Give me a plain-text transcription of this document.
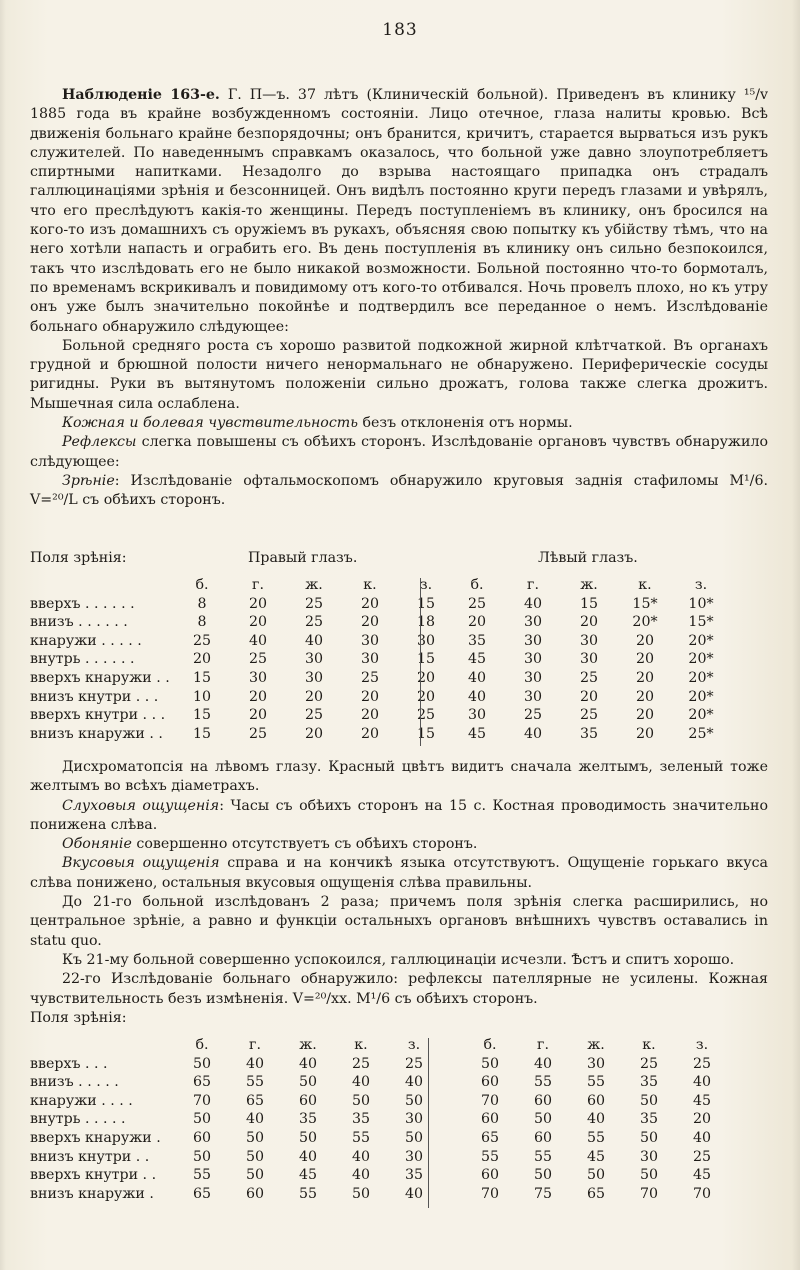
183

Наблюденіе 163-е. Г. П—ъ. 37 лѣтъ (Клиническій больной). Приведенъ въ клинику ¹⁵/v 1885 года въ крайне возбужденномъ состояніи. Лицо отечное, глаза налиты кровью. Всѣ движенія больнаго крайне безпорядочны; онъ бранится, кричитъ, старается вырваться изъ рукъ служителей. По наведеннымъ справкамъ оказалось, что больной уже давно злоупотребляетъ спиртными напитками. Незадолго до взрыва настоящаго припадка онъ страдалъ галлюцинаціями зрѣнія и безсонницей. Онъ видѣлъ постоянно круги передъ глазами и увѣрялъ, что его преслѣдуютъ какія-то женщины. Передъ поступленіемъ въ клинику, онъ бросился на кого-то изъ домашнихъ съ оружіемъ въ рукахъ, объясняя свою попытку къ убійству тѣмъ, что на него хотѣли напасть и ограбить его. Въ день поступленія въ клинику онъ сильно безпокоился, такъ что изслѣдовать его не было никакой возможности. Больной постоянно что-то бормоталъ, по временамъ вскрикивалъ и повидимому отъ кого-то отбивался. Ночь провелъ плохо, но къ утру онъ уже былъ значительно покойнѣе и подтвердилъ все переданное о немъ. Изслѣдованіе больнаго обнаружило слѣдующее:

Больной средняго роста съ хорошо развитой подкожной жирной клѣтчаткой. Въ органахъ грудной и брюшной полости ничего ненормальнаго не обнаружено. Периферическіе сосуды ригидны. Руки въ вытянутомъ положеніи сильно дрожатъ, голова также слегка дрожитъ. Мышечная сила ослаблена.

Кожная и болевая чувствительность безъ отклоненія отъ нормы.

Рефлексы слегка повышены съ обѣихъ сторонъ. Изслѣдованіе органовъ чувствъ обнаружило слѣдующее:

Зрѣніе: Изслѣдованіе офтальмоскопомъ обнаружило круговыя заднія стафиломы M¹/6. V=²⁰/L съ обѣихъ сторонъ.

Поля зрѣнія:	Правый глазъ.	Лѣвый глазъ.
б.	г.	ж.	к.	з.	б.	г.	ж.	к.	з.
вверхъ . . . . . .	8	20	25	20	15	25	40	15	15*	10*
внизъ . . . . . .	8	20	25	20	18	20	30	20	20*	15*
кнаружи . . . . .	25	40	40	30	30	35	30	30	20	20*
внутрь . . . . . .	20	25	30	30	15	45	30	30	20	20*
вверхъ кнаружи . .	15	30	30	25	20	40	30	25	20	20*
внизъ кнутри . . .	10	20	20	20	20	40	30	20	20	20*
вверхъ кнутри . . .	15	20	25	20	25	30	25	25	20	20*
внизъ кнаружи . .	15	25	20	20	15	45	40	35	20	25*

Дисхроматопсія на лѣвомъ глазу. Красный цвѣтъ видитъ сначала желтымъ, зеленый тоже желтымъ во всѣхъ діаметрахъ.

Слуховыя ощущенія: Часы съ обѣихъ сторонъ на 15 с. Костная проводимость значительно понижена слѣва.

Обоняніе совершенно отсутствуетъ съ обѣихъ сторонъ.

Вкусовыя ощущенія справа и на кончикѣ языка отсутствуютъ. Ощущеніе горькаго вкуса слѣва понижено, остальныя вкусовыя ощущенія слѣва правильны.

До 21-го больной изслѣдованъ 2 раза; причемъ поля зрѣнія слегка расширились, но центральное зрѣніе, а равно и функціи остальныхъ органовъ внѣшнихъ чувствъ оставались in statu quo.

Къ 21-му больной совершенно успокоился, галлюцинаціи исчезли. Ѣстъ и спитъ хорошо.

22-го Изслѣдованіе больнаго обнаружило: рефлексы пателлярные не усилены. Кожная чувствительность безъ измѣненія. V=²⁰/xx. M¹/6 съ обѣихъ сторонъ.

Поля зрѣнія:
б.	г.	ж.	к.	з.	б.	г.	ж.	к.	з.
вверхъ . . .	50	40	40	25	25	50	40	30	25	25
внизъ . . . . .	65	55	50	40	40	60	55	55	35	40
кнаружи . . . .	70	65	60	50	50	70	60	60	50	45
внутрь . . . . .	50	40	35	35	30	60	50	40	35	20
вверхъ кнаружи .	60	50	50	55	50	65	60	55	50	40
внизъ кнутри . .	50	50	40	40	30	55	55	45	30	25
вверхъ кнутри . .	55	50	45	40	35	60	50	50	50	45
внизъ кнаружи .	65	60	55	50	40	70	75	65	70	70
